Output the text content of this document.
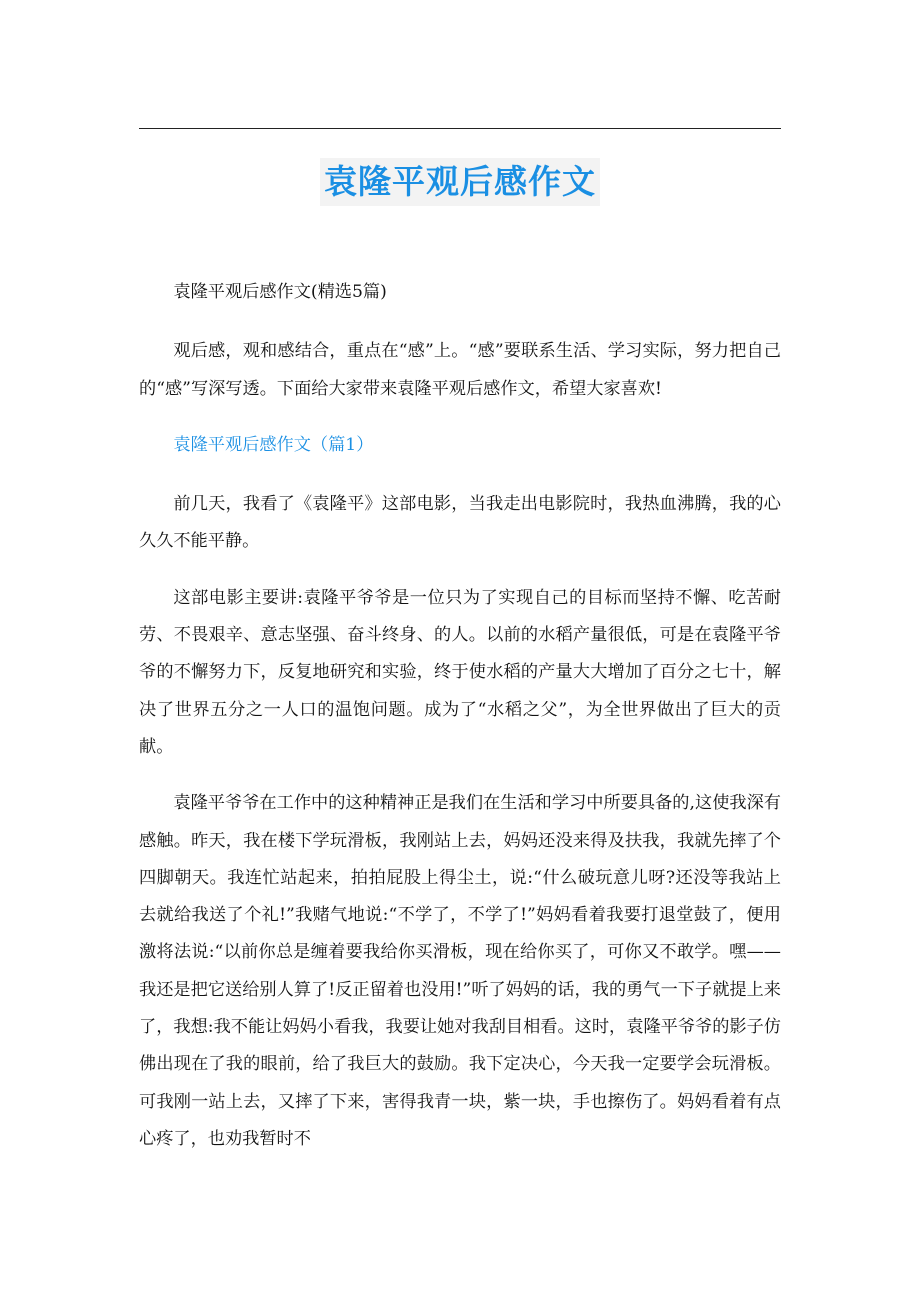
袁隆平观后感作文

袁隆平观后感作文(精选5篇)

观后感，观和感结合，重点在“感”上。“感”要联系生活、学习实际，努力把自己的“感”写深写透。下面给大家带来袁隆平观后感作文，希望大家喜欢!

袁隆平观后感作文（篇1）

前几天，我看了《袁隆平》这部电影，当我走出电影院时，我热血沸腾，我的心久久不能平静。

这部电影主要讲:袁隆平爷爷是一位只为了实现自己的目标而坚持不懈、吃苦耐劳、不畏艰辛、意志坚强、奋斗终身、的人。以前的水稻产量很低，可是在袁隆平爷爷的不懈努力下，反复地研究和实验，终于使水稻的产量大大增加了百分之七十，解决了世界五分之一人口的温饱问题。成为了“水稻之父”，为全世界做出了巨大的贡献。

袁隆平爷爷在工作中的这种精神正是我们在生活和学习中所要具备的,这使我深有感触。昨天，我在楼下学玩滑板，我刚站上去，妈妈还没来得及扶我，我就先摔了个四脚朝天。我连忙站起来，拍拍屁股上得尘土，说:“什么破玩意儿呀?还没等我站上去就给我送了个礼!”我赌气地说:“不学了，不学了!”妈妈看着我要打退堂鼓了，便用激将法说:“以前你总是缠着要我给你买滑板，现在给你买了，可你又不敢学。嘿——我还是把它送给别人算了!反正留着也没用!”听了妈妈的话，我的勇气一下子就提上来了，我想:我不能让妈妈小看我，我要让她对我刮目相看。这时，袁隆平爷爷的影子仿佛出现在了我的眼前，给了我巨大的鼓励。我下定决心，今天我一定要学会玩滑板。可我刚一站上去，又摔了下来，害得我青一块，紫一块，手也擦伤了。妈妈看着有点心疼了，也劝我暂时不
